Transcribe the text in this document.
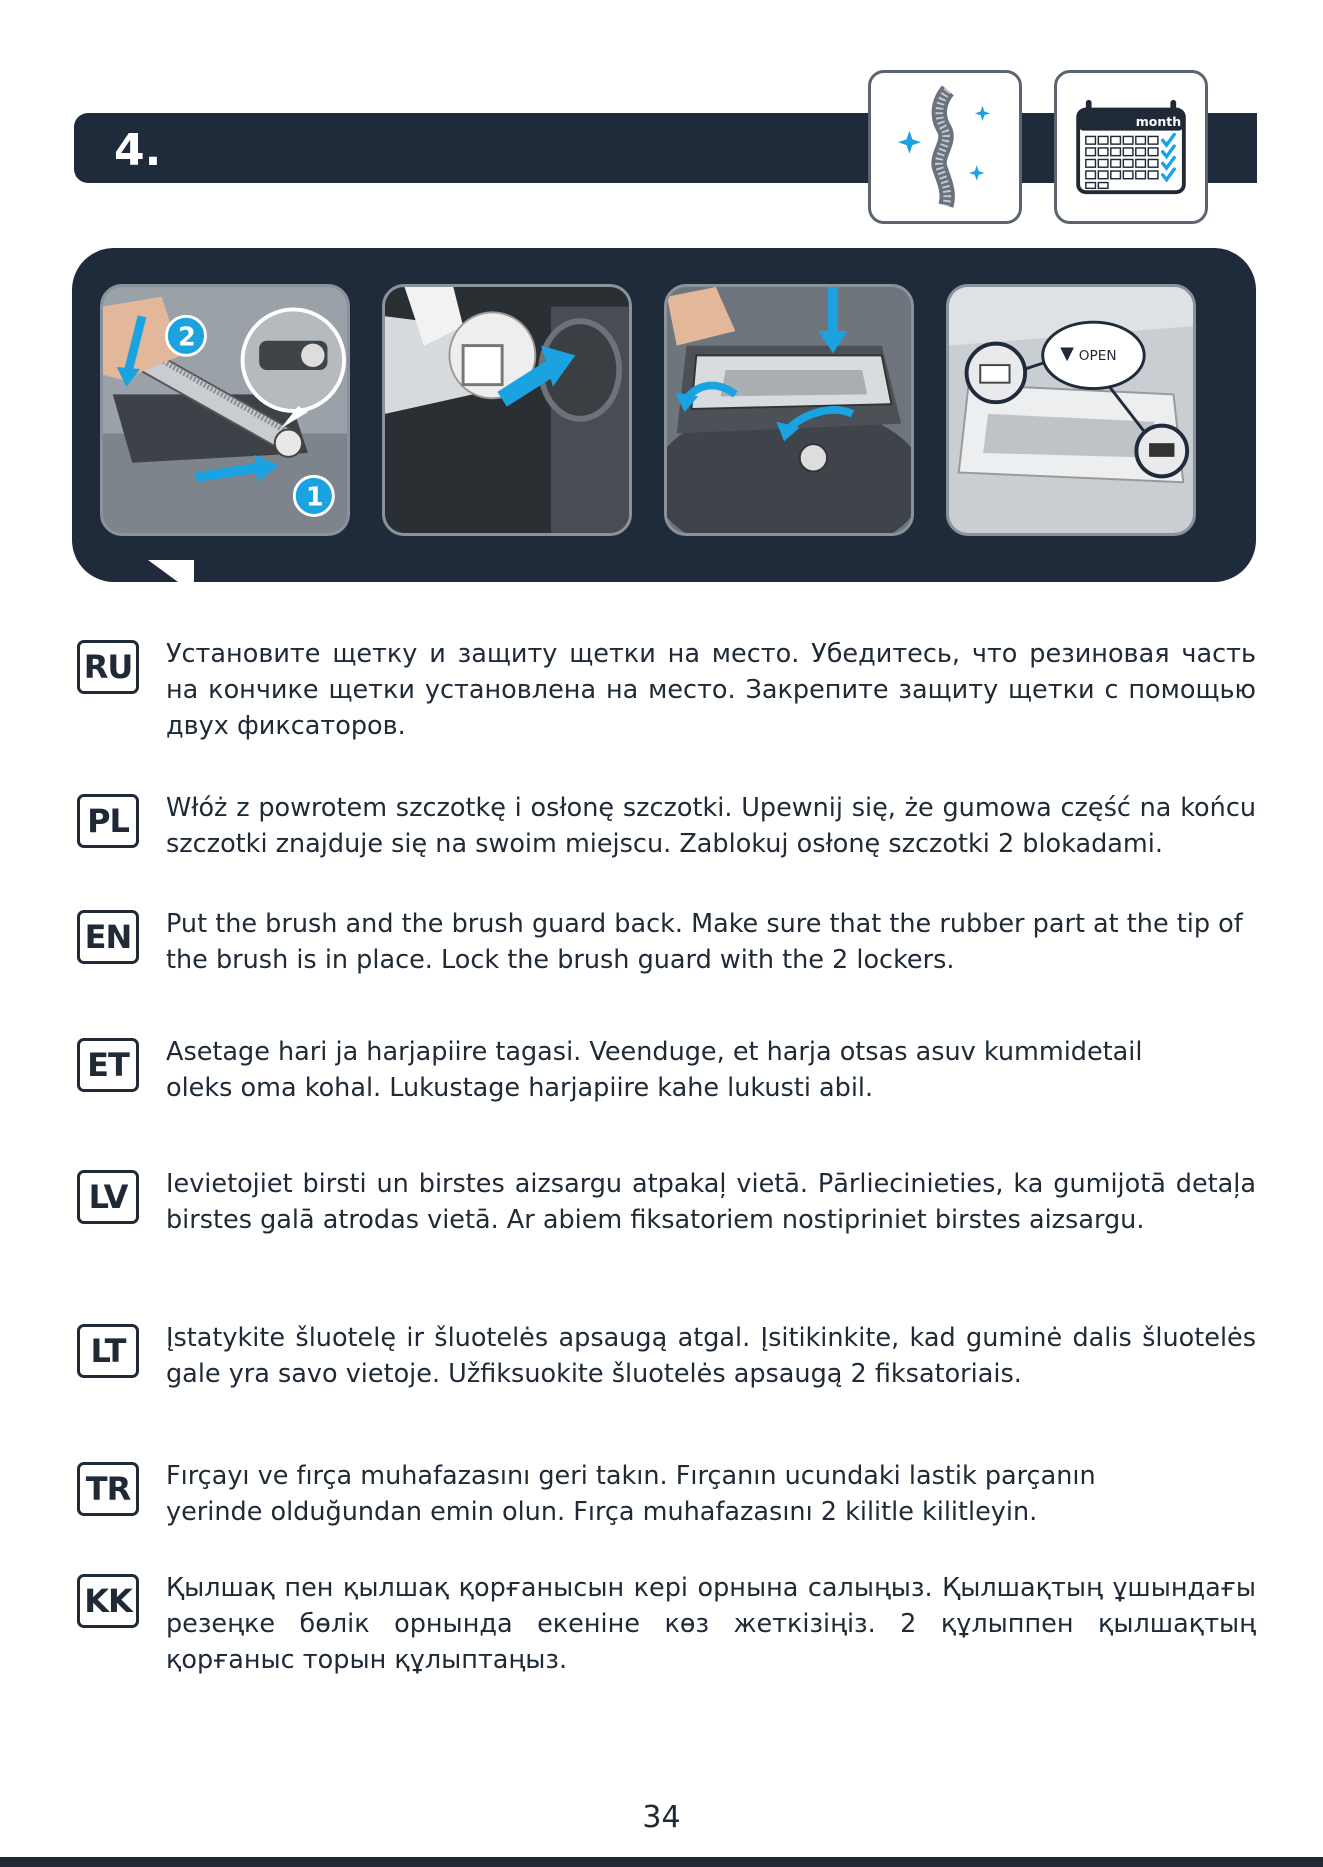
4.
month
2
1
OPEN
RU Установите щетку и защиту щетки на место. Убедитесь, что резиновая часть на кончике щетки установлена на место. Закрепите защиту щетки с помощью двух фиксаторов.
PL	Włóż z powrotem szczotkę i osłonę szczotki. Upewnij się, że gumowa część na końcu szczotki znajduje się na swoim miejscu. Zablokuj osłonę szczotki 2 blokadami.
EN	Put the brush and the brush guard back. Make sure that the rubber part at the tip of the brush is in place. Lock the brush guard with the 2 lockers.
ET	Asetage hari ja harjapiire tagasi. Veenduge, et harja otsas asuv kummidetail oleks oma kohal. Lukustage harjapiire kahe lukusti abil.
LV	Ievietojiet birsti un birstes aizsargu atpakaļ vietā. Pārliecinieties, ka gumijotā detaļa birstes galā atrodas vietā. Ar abiem fiksatoriem nostipriniet birstes aizsargu.
LT	Įstatykite šluotelę ir šluotelės apsaugą atgal. Įsitikinkite, kad guminė dalis šluotelės gale yra savo vietoje. Užfiksuokite šluotelės apsaugą 2 fiksatoriais.
TR	Fırçayı ve fırça muhafazasını geri takın. Fırçanın ucundaki lastik parçanın yerinde olduğundan emin olun. Fırça muhafazasını 2 kilitle kilitleyin.
KK Қылшақ пен қылшақ қорғанысын кері орнына салыңыз. Қылшақтың ұшындағы резеңке бөлік орнында екеніне көз жеткізіңіз. 2 құлыппен қылшақтың қорғаныс торын құлыптаңыз.
34
